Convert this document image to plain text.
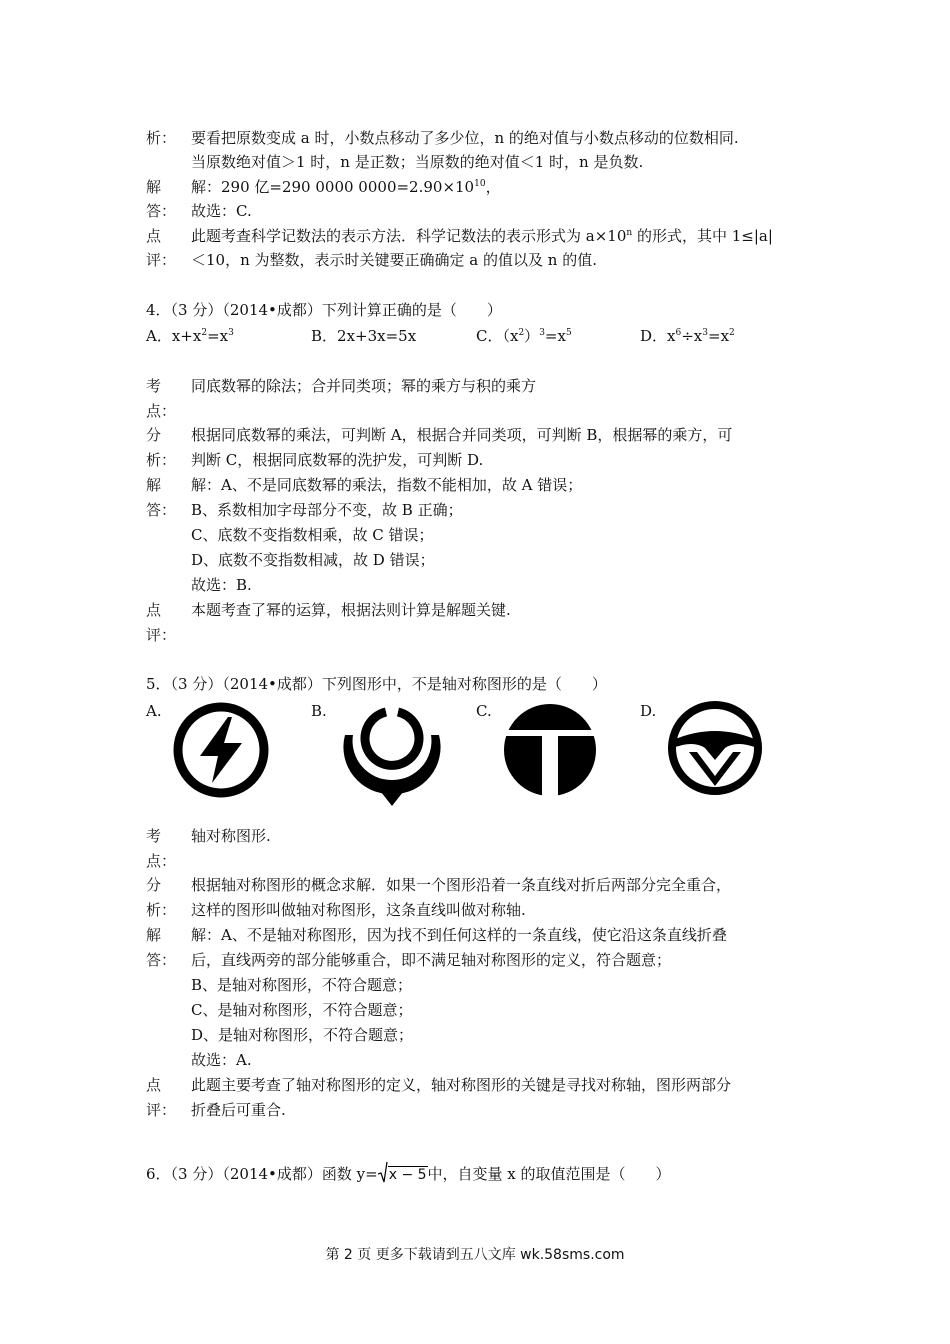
析： 要看把原数变成 a 时，小数点移动了多少位，n 的绝对值与小数点移动的位数相同.
当原数绝对值＞1 时，n 是正数；当原数的绝对值＜1 时，n 是负数.
解 解：290 亿=290 0000 $0000=2.90\times 10^{10}$，
答： 故选：C.
点 此题考查科学记数法的表示方法．科学记数法的表示形式为 $a\times 10^n$ 的形式，其中 1≤|a|
评： ＜10，n 为整数，表示时关键要正确确定 a 的值以及 n 的值.
4．（3 分）（2014•成都）下列计算正确的是（　　）
A．$x+x^2=x^3$	B．2x+3x=5x	C．$(x^2)^3=x^5$	D．$x^6\div x^3=x^2$
考 同底数幂的除法；合并同类项；幂的乘方与积的乘方
点：
分 根据同底数幂的乘法，可判断 A，根据合并同类项，可判断 B，根据幂的乘方，可
析： 判断 C，根据同底数幂的洗护发，可判断 D.
解 解：A、不是同底数幂的乘法，指数不能相加，故 A 错误；
答： B、系数相加字母部分不变，故 B 正确；
C、底数不变指数相乘，故 C 错误；
D、底数不变指数相减，故 D 错误；
故选：B.
点 本题考查了幂的运算，根据法则计算是解题关键.
评：
5．（3 分）（2014•成都）下列图形中，不是轴对称图形的是（　　）
A.	B.	C.	D.
考 轴对称图形.
点：
分 根据轴对称图形的概念求解．如果一个图形沿着一条直线对折后两部分完全重合，
析： 这样的图形叫做轴对称图形，这条直线叫做对称轴.
解 解：A、不是轴对称图形，因为找不到任何这样的一条直线，使它沿这条直线折叠
答： 后，直线两旁的部分能够重合，即不满足轴对称图形的定义，符合题意；
B、是轴对称图形，不符合题意；
C、是轴对称图形，不符合题意；
D、是轴对称图形，不符合题意；
故选：A.
点 此题主要考查了轴对称图形的定义，轴对称图形的关键是寻找对称轴，图形两部分
评： 折叠后可重合.
6．（3 分）（2014•成都）函数 y= x − 5中，自变量 x 的取值范围是（　　）
第 2 页 更多下载请到五八文库 wk.58sms.com
